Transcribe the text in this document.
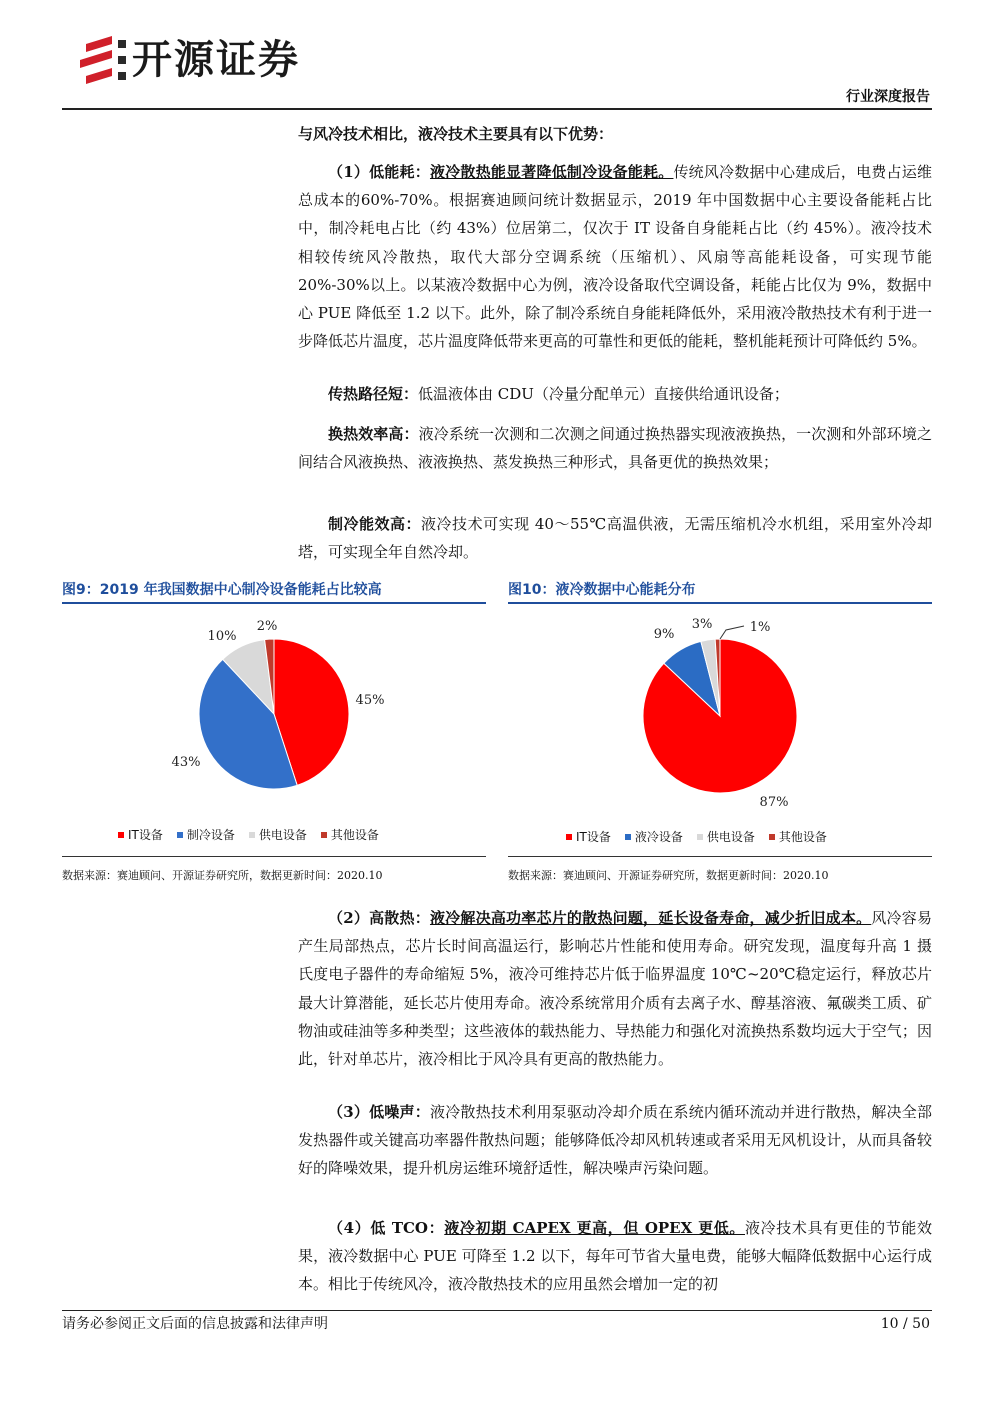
开源证券
行业深度报告
与风冷技术相比，液冷技术主要具有以下优势：
（1）低能耗：液冷散热能显著降低制冷设备能耗。传统风冷数据中心建成后，电费占运维总成本的60%-70%。根据赛迪顾问统计数据显示，2019 年中国数据中心主要设备能耗占比中，制冷耗电占比（约 43%）位居第二，仅次于 IT 设备自身能耗占比（约 45%）。液冷技术相较传统风冷散热，取代大部分空调系统（压缩机）、风扇等高能耗设备，可实现节能 20%-30%以上。以某液冷数据中心为例，液冷设备取代空调设备，耗能占比仅为 9%，数据中心 PUE 降低至 1.2 以下。此外，除了制冷系统自身能耗降低外，采用液冷散热技术有利于进一步降低芯片温度，芯片温度降低带来更高的可靠性和更低的能耗，整机能耗预计可降低约 5%。
传热路径短：低温液体由 CDU（冷量分配单元）直接供给通讯设备；
换热效率高：液冷系统一次测和二次测之间通过换热器实现液液换热，一次测和外部环境之间结合风液换热、液液换热、蒸发换热三种形式，具备更优的换热效果；
制冷能效高：液冷技术可实现 40～55℃高温供液，无需压缩机冷水机组，采用室外冷却塔，可实现全年自然冷却。
图9：2019 年我国数据中心制冷设备能耗占比较高
45%
43%
10%
2%
IT设备 制冷设备 供电设备 其他设备
数据来源：赛迪顾问、开源证券研究所，数据更新时间：2020.10
图10：液冷数据中心能耗分布
87%
9%
3%	1%
IT设备 液冷设备 供电设备 其他设备
数据来源：赛迪顾问、开源证券研究所，数据更新时间：2020.10
（2）高散热：液冷解决高功率芯片的散热问题，延长设备寿命，减少折旧成本。风冷容易产生局部热点，芯片长时间高温运行，影响芯片性能和使用寿命。研究发现，温度每升高 1 摄氏度电子器件的寿命缩短 5%，液冷可维持芯片低于临界温度 10℃~20℃稳定运行，释放芯片最大计算潜能，延长芯片使用寿命。液冷系统常用介质有去离子水、醇基溶液、氟碳类工质、矿物油或硅油等多种类型；这些液体的载热能力、导热能力和强化对流换热系数均远大于空气；因此，针对单芯片，液冷相比于风冷具有更高的散热能力。
（3）低噪声：液冷散热技术利用泵驱动冷却介质在系统内循环流动并进行散热，解决全部发热器件或关键高功率器件散热问题；能够降低冷却风机转速或者采用无风机设计，从而具备较好的降噪效果，提升机房运维环境舒适性，解决噪声污染问题。
（4）低 TCO：液冷初期 CAPEX 更高，但 OPEX 更低。液冷技术具有更佳的节能效果，液冷数据中心 PUE 可降至 1.2 以下，每年可节省大量电费，能够大幅降低数据中心运行成本。相比于传统风冷，液冷散热技术的应用虽然会增加一定的初
请务必参阅正文后面的信息披露和法律声明	10 / 50
